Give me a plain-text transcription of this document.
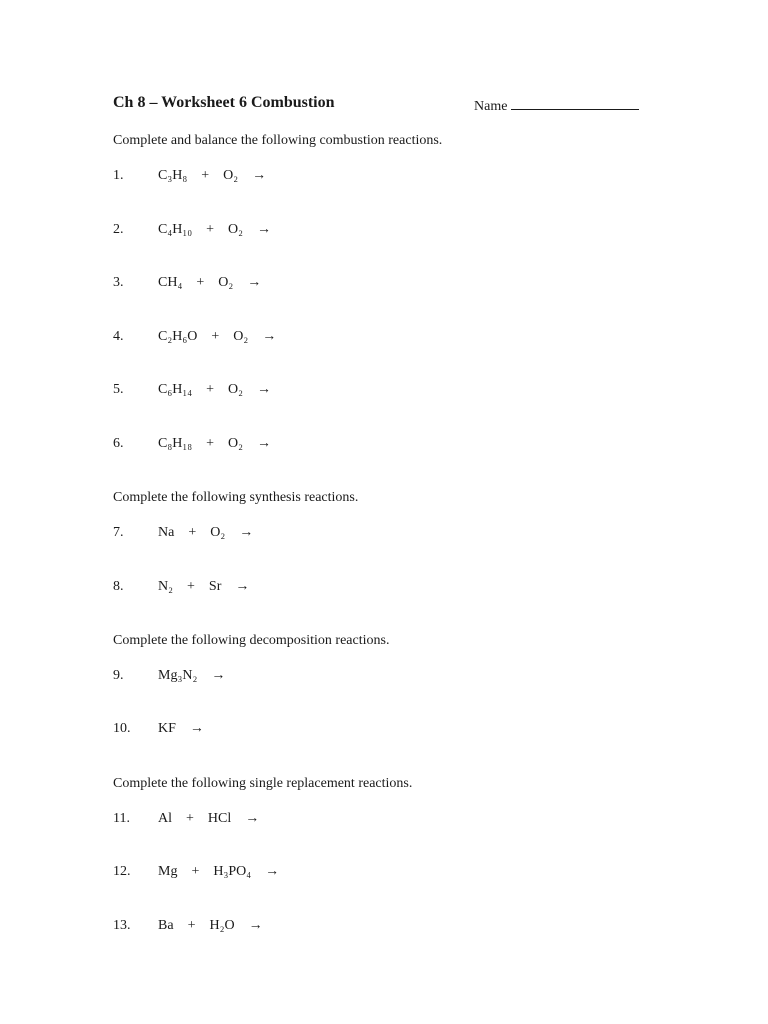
Ch 8 – Worksheet 6 Combustion	Name
Complete and balance the following combustion reactions.
1. C₃H₈ + O₂ →
2. C₄H₁₀ + O₂ →
3. CH₄ + O₂ →
4. C₂H₆O + O₂ →
5. C₆H₁₄ + O₂ →
6. C₈H₁₈ + O₂ →
Complete the following synthesis reactions.
7. Na + O₂ →
8. N₂ + Sr →
Complete the following decomposition reactions.
9. Mg₃N₂ →
10. KF →
Complete the following single replacement reactions.
11. Al + HCl →
12. Mg + H₃PO₄ →
13. Ba + H₂O →
